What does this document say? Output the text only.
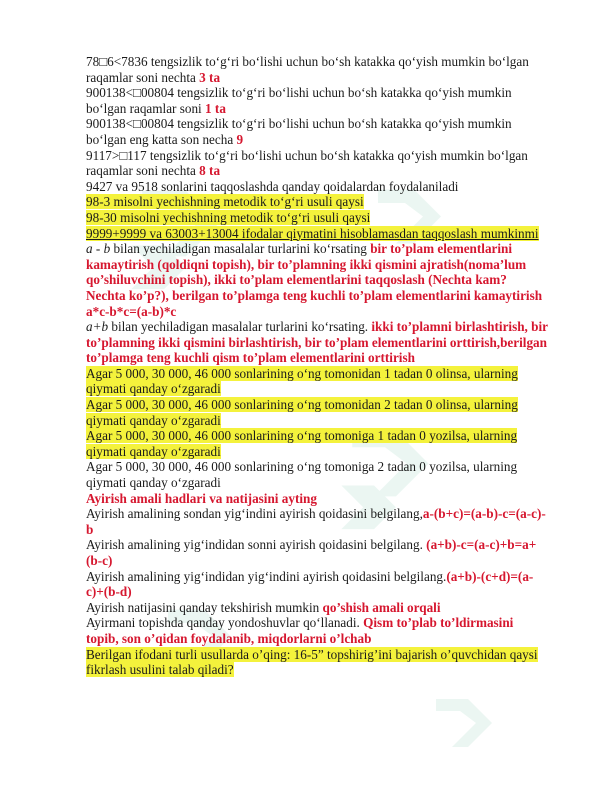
78□6<7836 tengsizlik to‘g‘ri bo‘lishi uchun bo‘sh katakka qo‘yish mumkin bo‘lgan raqamlar soni nechta 3 ta

900138<□00804 tengsizlik to‘g‘ri bo‘lishi uchun bo‘sh katakka qo‘yish mumkin bo‘lgan raqamlar soni 1 ta

900138<□00804 tengsizlik to‘g‘ri bo‘lishi uchun bo‘sh katakka qo‘yish mumkin bo‘lgan eng katta son necha 9

9117>□117 tengsizlik to‘g‘ri bo‘lishi uchun bo‘sh katakka qo‘yish mumkin bo‘lgan raqamlar soni nechta 8 ta

9427 va 9518 sonlarini taqqoslashda qanday qoidalardan foydalaniladi

98-3 misolni yechishning metodik to‘g‘ri usuli qaysi

98-30 misolni yechishning metodik to‘g‘ri usuli qaysi

9999+9999 va 63003+13004 ifodalar qiymatini hisoblamasdan taqqoslash mumkinmi

a - b bilan yechiladigan masalalar turlarini ko‘rsating bir to’plam elementlarini kamaytirish (qoldiqni topish), bir to’plamning ikki qismini ajratish(noma’lum qo’shiluvchini topish), ikki to’plam elementlarini taqqoslash (Nechta kam? Nechta ko’p?), berilgan to’plamga teng kuchli to’plam elementlarini kamaytirish a*c-b*c=(a-b)*c

a+b bilan yechiladigan masalalar turlarini ko‘rsating. ikki to’plamni birlashtirish, bir to’plamning ikki qismini birlashtirish, bir to’plam elementlarini orttirish,berilgan to’plamga teng kuchli qism to’plam elementlarini orttirish

Agar 5 000, 30 000, 46 000 sonlarining o‘ng tomonidan 1 tadan 0 olinsa, ularning qiymati qanday o‘zgaradi

Agar 5 000, 30 000, 46 000 sonlarining o‘ng tomonidan 2 tadan 0 olinsa, ularning qiymati qanday o‘zgaradi

Agar 5 000, 30 000, 46 000 sonlarining o‘ng tomoniga 1 tadan 0 yozilsa, ularning qiymati qanday o‘zgaradi

Agar 5 000, 30 000, 46 000 sonlarining o‘ng tomoniga 2 tadan 0 yozilsa, ularning qiymati qanday o‘zgaradi

Ayirish amali hadlari va natijasini ayting

Ayirish amalining sondan yig‘indini ayirish qoidasini belgilang,a-(b+c)=(a-b)-c=(a-c)-b

Ayirish amalining yig‘indidan sonni ayirish qoidasini belgilang. (a+b)-c=(a-c)+b=a+(b-c)

Ayirish amalining yig‘indidan yig‘indini ayirish qoidasini belgilang.(a+b)-(c+d)=(a-c)+(b-d)

Ayirish natijasini qanday tekshirish mumkin qo’shish amali orqali

Ayirmani topishda qanday yondoshuvlar qo‘llanadi. Qism to’plab to’ldirmasini topib, son o’qidan foydalanib, miqdorlarni o’lchab

Berilgan ifodani turli usullarda o’qing: 16-5” topshirig’ini bajarish o’quvchidan qaysi fikrlash usulini talab qiladi?
